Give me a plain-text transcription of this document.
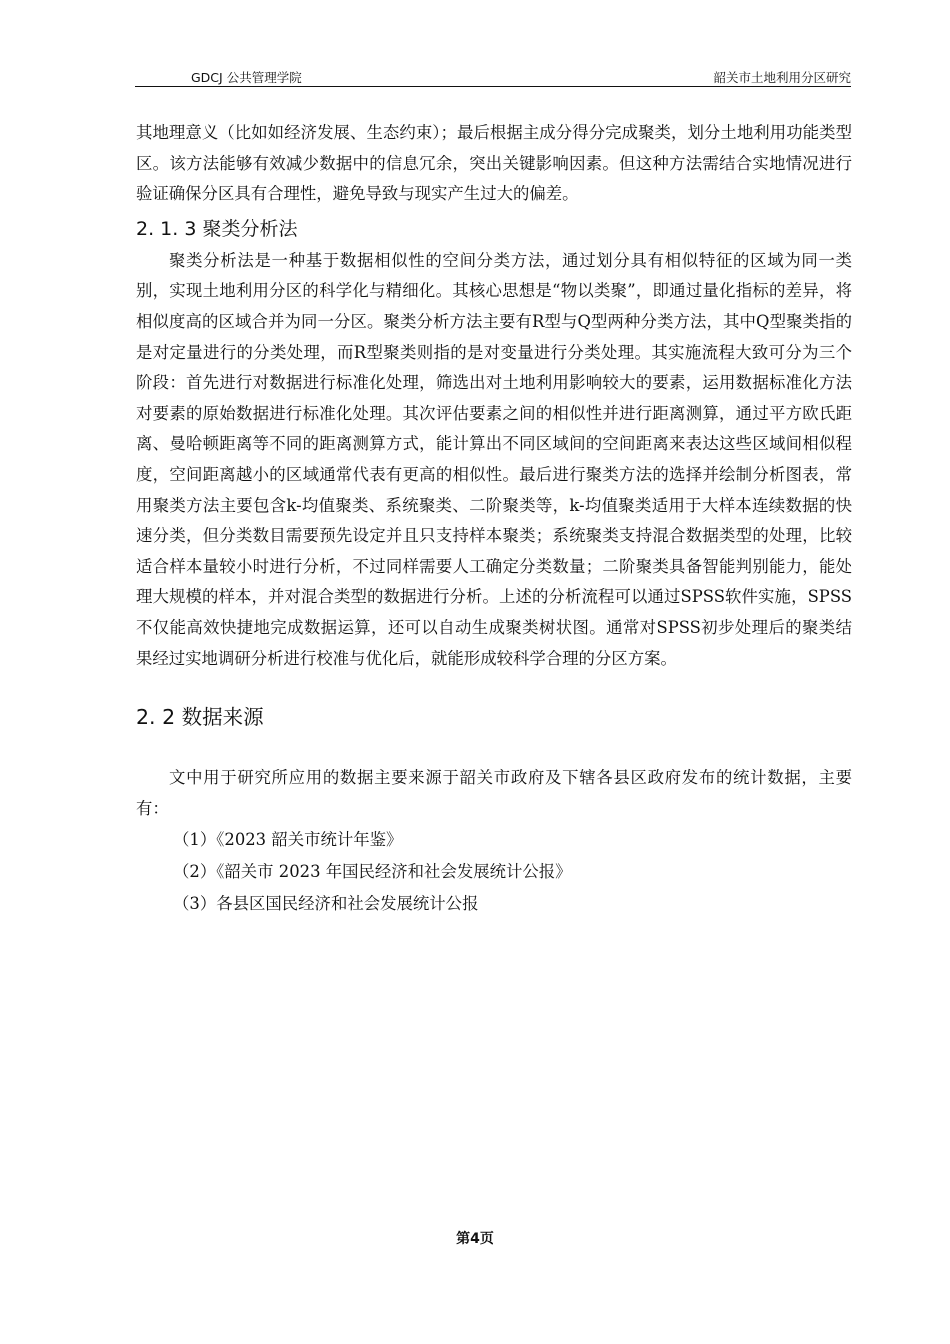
GDCJ 公共管理学院	韶关市土地利用分区研究

其地理意义（比如如经济发展、生态约束）；最后根据主成分得分完成聚类，划分土地利用功能类型区。该方法能够有效减少数据中的信息冗余，突出关键影响因素。但这种方法需结合实地情况进行验证确保分区具有合理性，避免导致与现实产生过大的偏差。

2. 1. 3 聚类分析法

聚类分析法是一种基于数据相似性的空间分类方法，通过划分具有相似特征的区域为同一类别，实现土地利用分区的科学化与精细化。其核心思想是“物以类聚”，即通过量化指标的差异，将相似度高的区域合并为同一分区。聚类分析方法主要有R型与Q型两种分类方法，其中Q型聚类指的是对定量进行的分类处理，而R型聚类则指的是对变量进行分类处理。其实施流程大致可分为三个阶段：首先进行对数据进行标准化处理，筛选出对土地利用影响较大的要素，运用数据标准化方法对要素的原始数据进行标准化处理。其次评估要素之间的相似性并进行距离测算，通过平方欧氏距离、曼哈顿距离等不同的距离测算方式，能计算出不同区域间的空间距离来表达这些区域间相似程度，空间距离越小的区域通常代表有更高的相似性。最后进行聚类方法的选择并绘制分析图表，常用聚类方法主要包含k-均值聚类、系统聚类、二阶聚类等，k-均值聚类适用于大样本连续数据的快速分类，但分类数目需要预先设定并且只支持样本聚类；系统聚类支持混合数据类型的处理，比较适合样本量较小时进行分析，不过同样需要人工确定分类数量；二阶聚类具备智能判别能力，能处理大规模的样本，并对混合类型的数据进行分析。上述的分析流程可以通过SPSS软件实施，SPSS不仅能高效快捷地完成数据运算，还可以自动生成聚类树状图。通常对SPSS初步处理后的聚类结果经过实地调研分析进行校准与优化后，就能形成较科学合理的分区方案。

2. 2 数据来源

文中用于研究所应用的数据主要来源于韶关市政府及下辖各县区政府发布的统计数据，主要有：

（1）《2023 韶关市统计年鉴》
（2）《韶关市 2023 年国民经济和社会发展统计公报》
（3）各县区国民经济和社会发展统计公报
第4页
